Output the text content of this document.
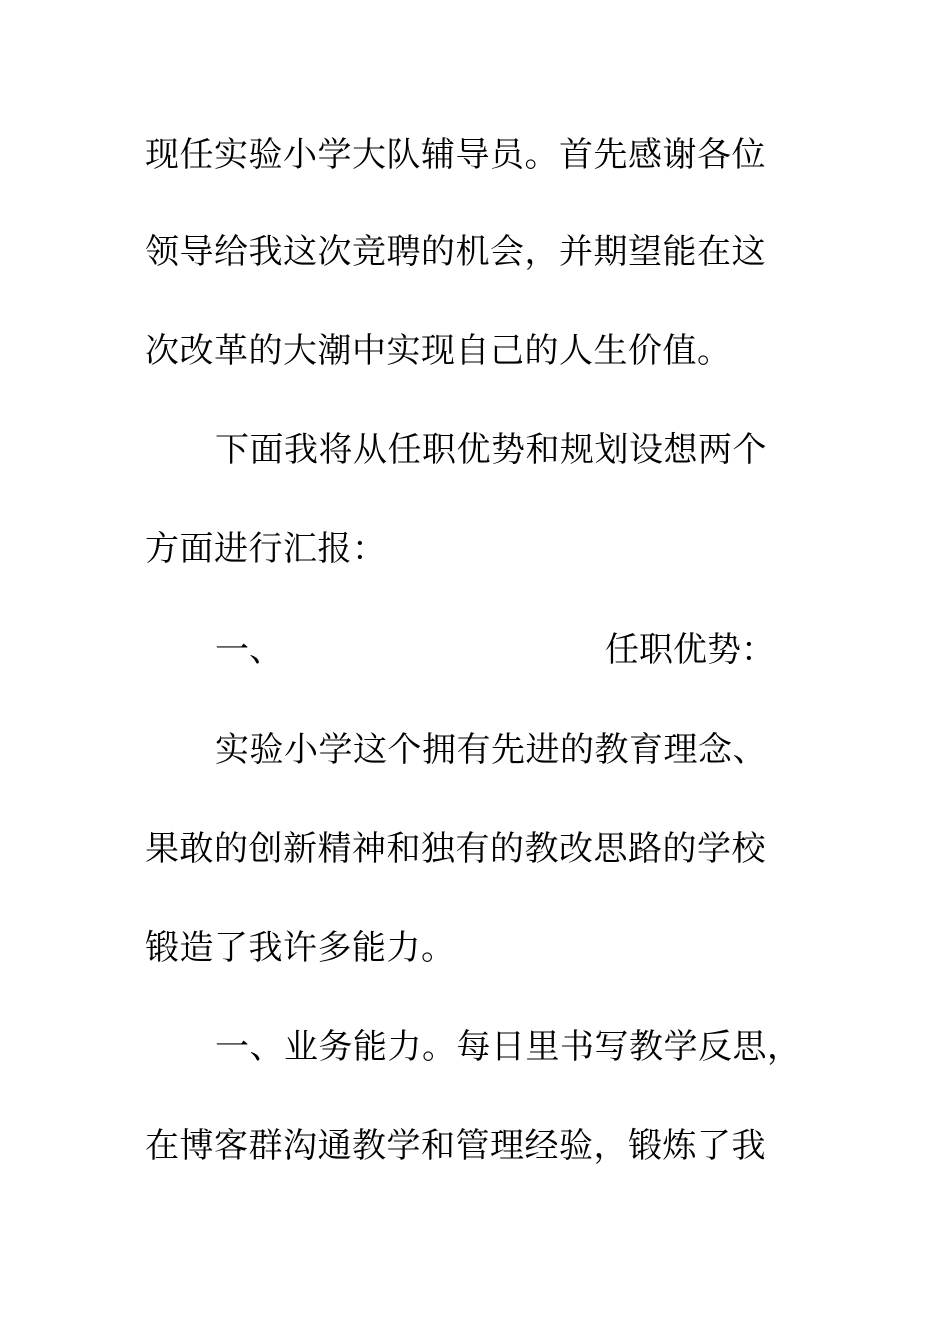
现任实验小学大队辅导员。首先感谢各位
领导给我这次竞聘的机会，并期望能在这
次改革的大潮中实现自己的人生价值。
下面我将从任职优势和规划设想两个
方面进行汇报：
一、	任职优势：
实验小学这个拥有先进的教育理念、
果敢的创新精神和独有的教改思路的学校
锻造了我许多能力。
一、业务能力。每日里书写教学反思，
在博客群沟通教学和管理经验，锻炼了我
